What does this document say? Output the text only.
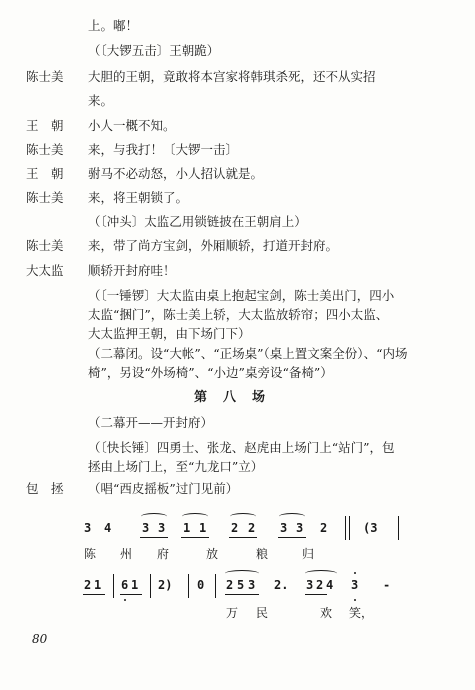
上。嘟！
（〔大锣五击〕王朝跪）
陈士美	大胆的王朝，竟敢将本宫家将韩琪杀死，还不从实招
来。
王　朝	小人一概不知。
陈士美	来，与我打！〔大锣一击〕
王　朝	驸马不必动怒，小人招认就是。
陈士美	来，将王朝锁了。
（〔冲头〕太监乙用锁链披在王朝肩上）
陈士美	来，带了尚方宝剑，外厢顺轿，打道开封府。
大太监	顺轿开封府哇！
（〔一锤锣〕大太监由桌上抱起宝剑，陈士美出门，四小
太监“捆门”，陈士美上轿，大太监放轿帘；四小太监、
大太监押王朝，由下场门下）
（二幕闭。设“大帐”、“正场桌”（桌上置文案全份）、“内场
椅”，另设“外场椅”、“小边”桌旁设“备椅”）
第八场
（二幕开——开封府）
（〔快长锤〕四勇士、张龙、赵虎由上场门上“站门”，包
拯由上场门上，至“九龙口”立）
包　拯	（唱“西皮摇板”过门见前）
3 4	3 3 1 1 2 2 3 3 2	(3
陈 州 府	放	粮	归
2 1 6 1 2) 0 2 5 3 2. 3 2 4 3 -
万 民	欢 笑，
80
